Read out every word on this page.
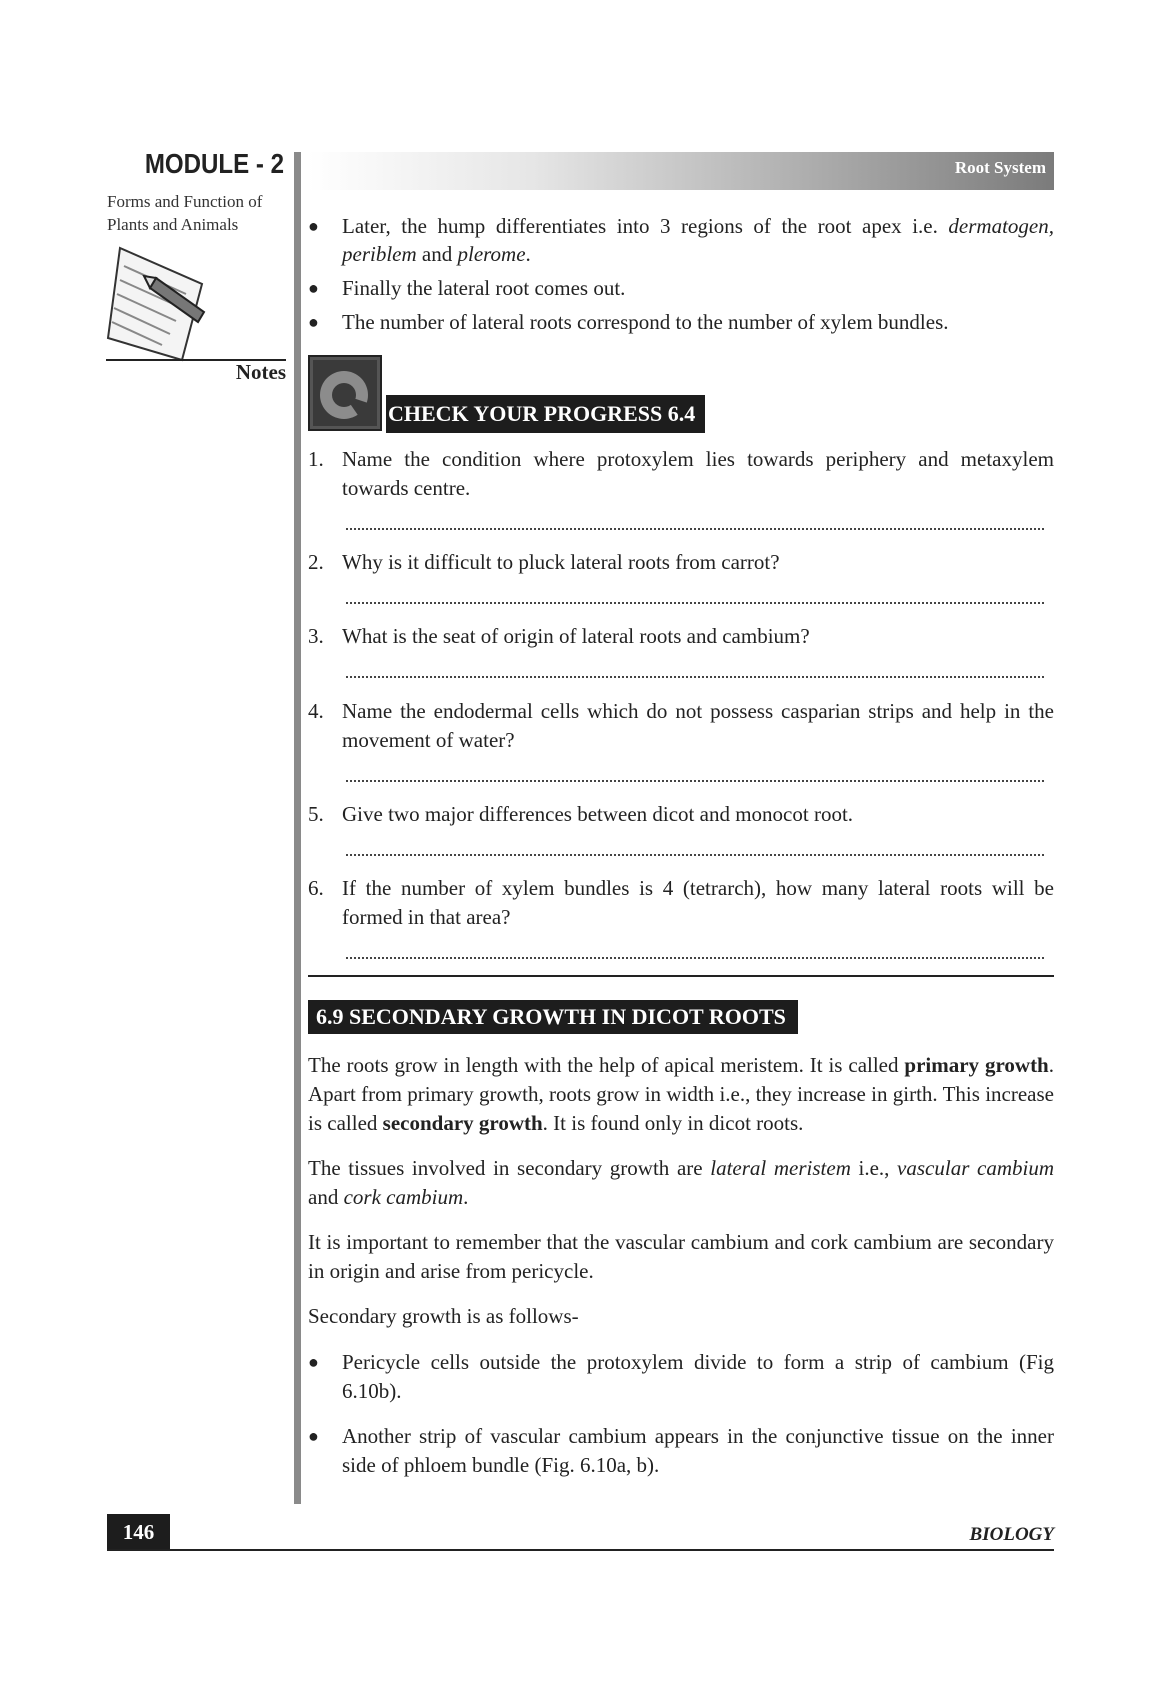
MODULE - 2
Forms and Function of
Plants and Animals
Notes
Root System
● Later, the hump differentiates into 3 regions of the root apex i.e. dermatogen, periblem and plerome.
● Finally the lateral root comes out.
● The number of lateral roots correspond to the number of xylem bundles.
CHECK YOUR PROGRESS 6.4
1. Name the condition where protoxylem lies towards periphery and metaxylem towards centre.
2. Why is it difficult to pluck lateral roots from carrot?
3. What is the seat of origin of lateral roots and cambium?
4. Name the endodermal cells which do not possess casparian strips and help in the movement of water?
5. Give two major differences between dicot and monocot root.
6. If the number of xylem bundles is 4 (tetrarch), how many lateral roots will be formed in that area?
6.9 SECONDARY GROWTH IN DICOT ROOTS

The roots grow in length with the help of apical meristem. It is called primary growth. Apart from primary growth, roots grow in width i.e., they increase in girth. This increase is called secondary growth. It is found only in dicot roots.

The tissues involved in secondary growth are lateral meristem i.e., vascular cambium and cork cambium.

It is important to remember that the vascular cambium and cork cambium are secondary in origin and arise from pericycle.

Secondary growth is as follows-

● Pericycle cells outside the protoxylem divide to form a strip of cambium (Fig 6.10b).
● Another strip of vascular cambium appears in the conjunctive tissue on the inner side of phloem bundle (Fig. 6.10a, b).
146	BIOLOGY
